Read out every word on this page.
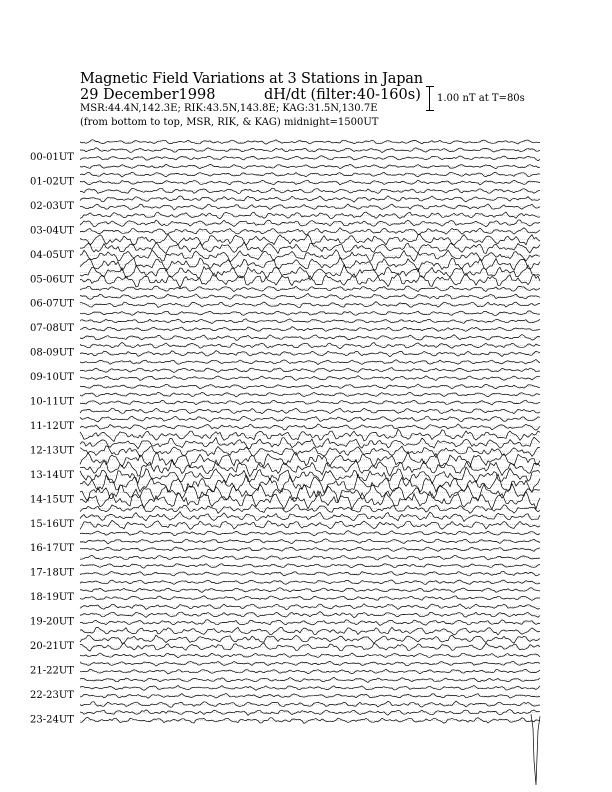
Magnetic Field Variations at 3 Stations in Japan
29 December1998	dH/dt (filter:40-160s)
MSR:44.4N,142.3E; RIK:43.5N,143.8E; KAG:31.5N,130.7E
(from bottom to top, MSR, RIK, & KAG) midnight=1500UT
1.00 nT at T=80s
00-01UT
01-02UT
02-03UT
03-04UT
04-05UT
05-06UT
06-07UT
07-08UT
08-09UT
09-10UT
10-11UT
11-12UT
12-13UT
13-14UT
14-15UT
15-16UT
16-17UT
17-18UT
18-19UT
19-20UT
20-21UT
21-22UT
22-23UT
23-24UT
